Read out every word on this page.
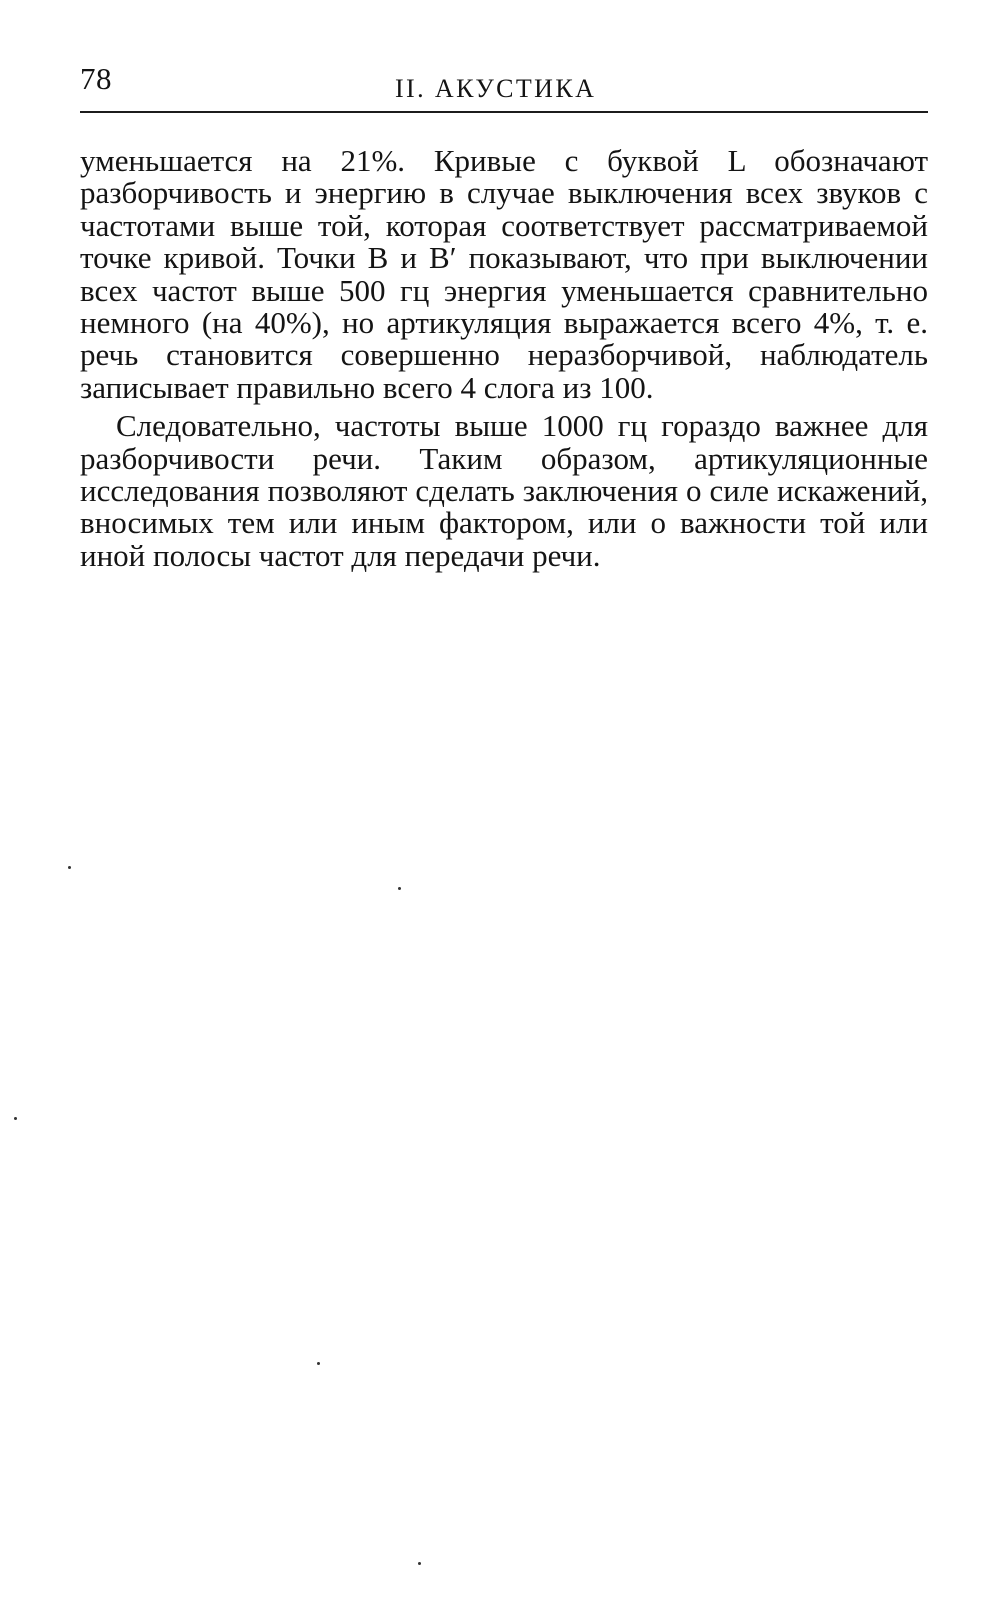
78	II. АКУСТИКА

уменьшается на 21%. Кривые с буквой L обозначают разборчивость и энергию в случае выключения всех звуков с частотами выше той, которая соответствует рассматриваемой точке кривой. Точки B и B′ показывают, что при выключении всех частот выше 500 гц энергия уменьшается сравнительно немного (на 40%), но артикуляция выражается всего 4%, т. е. речь становится совершенно неразборчивой, наблюдатель записывает правильно всего 4 слога из 100.

Следовательно, частоты выше 1000 гц гораздо важнее для разборчивости речи. Таким образом, артикуляционные исследования позволяют сделать заключения о силе искажений, вносимых тем или иным фактором, или о важности той или иной полосы частот для передачи речи.
